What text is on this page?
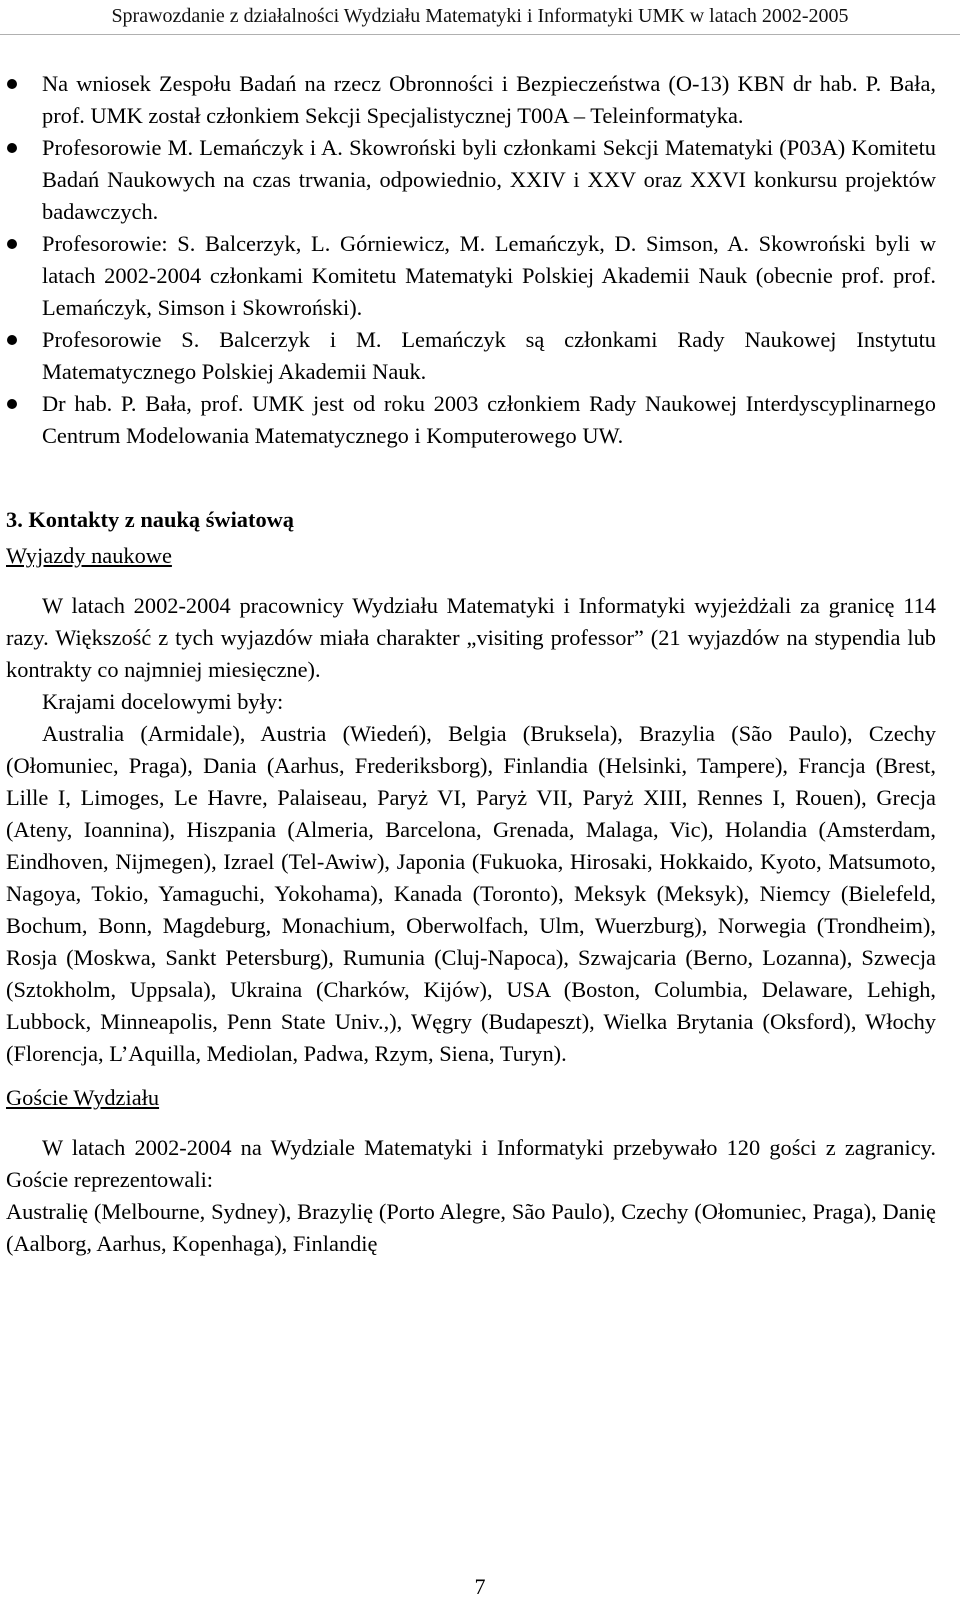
Sprawozdanie z działalności Wydziału Matematyki i Informatyki UMK w latach 2002-2005
Na wniosek Zespołu Badań na rzecz Obronności i Bezpieczeństwa (O-13) KBN dr hab. P. Bała, prof. UMK został członkiem Sekcji Specjalistycznej T00A – Teleinformatyka.
Profesorowie M. Lemańczyk i A. Skowroński byli członkami Sekcji Matematyki (P03A) Komitetu Badań Naukowych na czas trwania, odpowiednio, XXIV i XXV oraz XXVI konkursu projektów badawczych.
Profesorowie: S. Balcerzyk, L. Górniewicz, M. Lemańczyk, D. Simson, A. Skowroński byli w latach 2002-2004 członkami Komitetu Matematyki Polskiej Akademii Nauk (obecnie prof. prof. Lemańczyk, Simson i Skowroński).
Profesorowie S. Balcerzyk i M. Lemańczyk są członkami Rady Naukowej Instytutu Matematycznego Polskiej Akademii Nauk.
Dr hab. P. Bała, prof. UMK jest od roku 2003 członkiem Rady Naukowej Interdyscyplinarnego Centrum Modelowania Matematycznego i Komputerowego UW.
3. Kontakty z nauką światową
Wyjazdy naukowe
W latach 2002-2004 pracownicy Wydziału Matematyki i Informatyki wyjeżdżali za granicę 114 razy. Większość z tych wyjazdów miała charakter „visiting professor” (21 wyjazdów na stypendia lub kontrakty co najmniej miesięczne).
Krajami docelowymi były:
Australia (Armidale), Austria (Wiedeń), Belgia (Bruksela), Brazylia (São Paulo), Czechy (Ołomuniec, Praga), Dania (Aarhus, Frederiksborg), Finlandia (Helsinki, Tampere), Francja (Brest, Lille I, Limoges, Le Havre, Palaiseau, Paryż VI, Paryż VII, Paryż XIII, Rennes I, Rouen), Grecja (Ateny, Ioannina), Hiszpania (Almeria, Barcelona, Grenada, Malaga, Vic), Holandia (Amsterdam, Eindhoven, Nijmegen), Izrael (Tel-Awiw), Japonia (Fukuoka, Hirosaki, Hokkaido, Kyoto, Matsumoto, Nagoya, Tokio, Yamaguchi, Yokohama), Kanada (Toronto), Meksyk (Meksyk), Niemcy (Bielefeld, Bochum, Bonn, Magdeburg, Monachium, Oberwolfach, Ulm, Wuerzburg), Norwegia (Trondheim), Rosja (Moskwa, Sankt Petersburg), Rumunia (Cluj-Napoca), Szwajcaria (Berno, Lozanna), Szwecja (Sztokholm, Uppsala), Ukraina (Charków, Kijów), USA (Boston, Columbia, Delaware, Lehigh, Lubbock, Minneapolis, Penn State Univ.,), Węgry (Budapeszt), Wielka Brytania (Oksford), Włochy (Florencja, L’Aquilla, Mediolan, Padwa, Rzym, Siena, Turyn).
Goście Wydziału
W latach 2002-2004 na Wydziale Matematyki i Informatyki przebywało 120 gości z zagranicy. Goście reprezentowali:
Australię (Melbourne, Sydney), Brazylię (Porto Alegre, São Paulo), Czechy (Ołomuniec, Praga), Danię (Aalborg, Aarhus, Kopenhaga), Finlandię
7
